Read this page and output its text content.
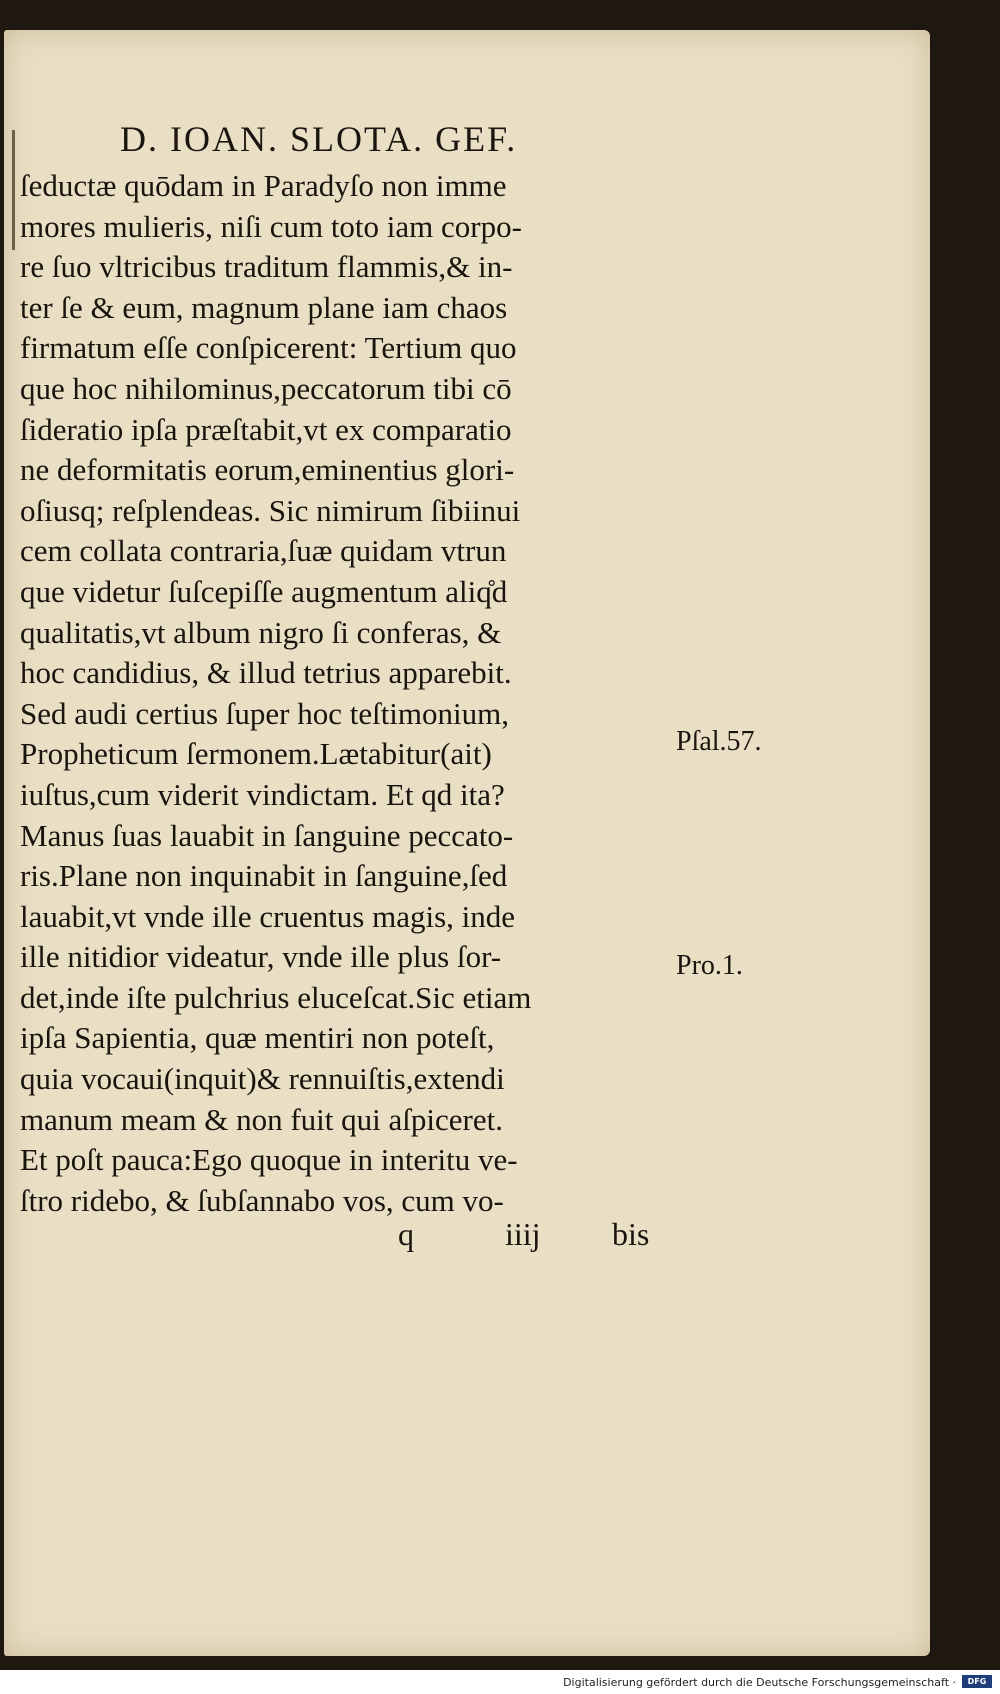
D. IOAN. SLOTA. GEF.
ſeductæ quōdam in Paradyſo non imme
mores mulieris, niſi cum toto iam corpo-
re ſuo vltricibus traditum flammis,& in-
ter ſe & eum, magnum plane iam chaos
firmatum eſſe conſpicerent: Tertium quo
que hoc nihilominus,peccatorum tibi cō
ſideratio ipſa præſtabit,vt ex comparatio
ne deformitatis eorum,eminentius glori-
oſiusq; reſplendeas. Sic nimirum ſibiinui
cem collata contraria,ſuæ quidam vtrun
que videtur ſuſcepiſſe augmentum aliq̊d
qualitatis,vt album nigro ſi conferas, &
hoc candidius, & illud tetrius apparebit.
Sed audi certius ſuper hoc teſtimonium,
Propheticum ſermonem.Lætabitur(ait)
iuſtus,cum viderit vindictam. Et qd ita?
Manus ſuas lauabit in ſanguine peccato-
ris.Plane non inquinabit in ſanguine,ſed
lauabit,vt vnde ille cruentus magis, inde
ille nitidior videatur, vnde ille plus ſor-
det,inde iſte pulchrius eluceſcat.Sic etiam
ipſa Sapientia, quæ mentiri non poteſt,
quia vocaui(inquit)& rennuiſtis,extendi
manum meam & non fuit qui aſpiceret.
Et poſt pauca:Ego quoque in interitu ve-
ſtro ridebo, & ſubſannabo vos, cum vo-
Pſal.57.
Pro.1.
q	iiij bis
Digitalisierung gefördert durch die Deutsche Forschungsgemeinschaft ·	DFG
